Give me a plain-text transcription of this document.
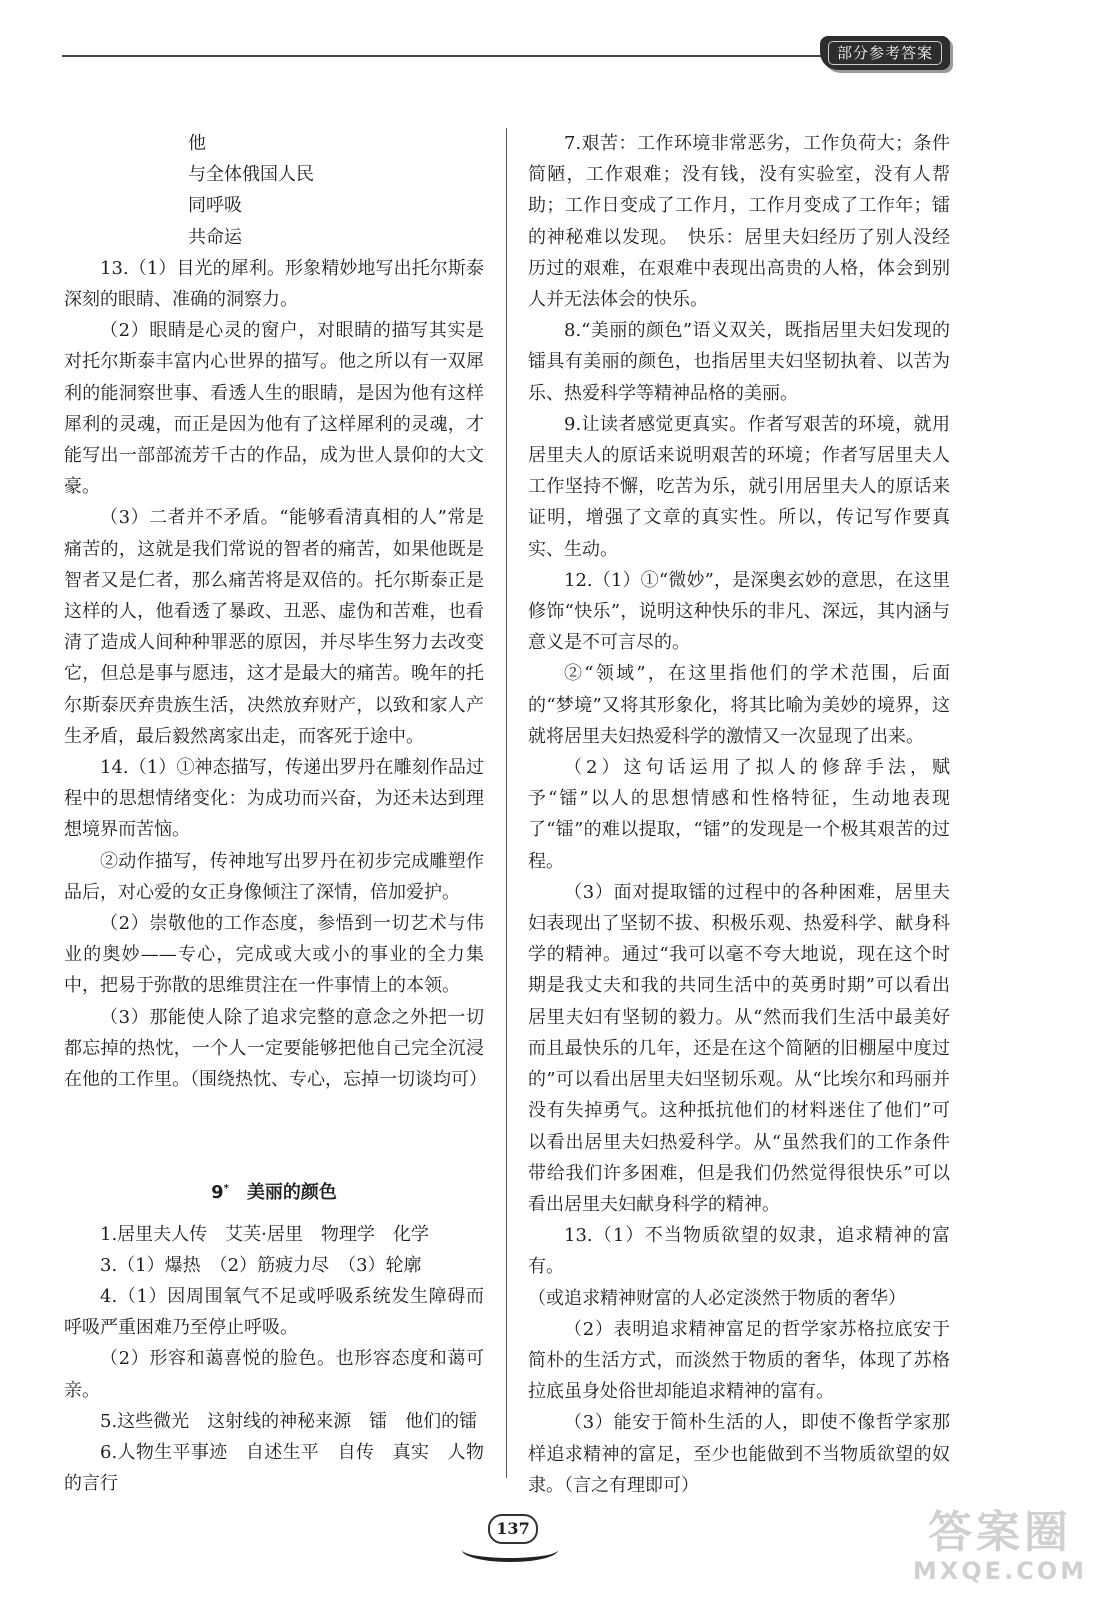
部分参考答案

他

与全体俄国人民

同呼吸

共命运

13.（1）目光的犀利。形象精妙地写出托尔斯泰深刻的眼睛、准确的洞察力。

（2）眼睛是心灵的窗户，对眼睛的描写其实是对托尔斯泰丰富内心世界的描写。他之所以有一双犀利的能洞察世事、看透人生的眼睛，是因为他有这样犀利的灵魂，而正是因为他有了这样犀利的灵魂，才能写出一部部流芳千古的作品，成为世人景仰的大文豪。

（3）二者并不矛盾。“能够看清真相的人”常是痛苦的，这就是我们常说的智者的痛苦，如果他既是智者又是仁者，那么痛苦将是双倍的。托尔斯泰正是这样的人，他看透了暴政、丑恶、虚伪和苦难，也看清了造成人间种种罪恶的原因，并尽毕生努力去改变它，但总是事与愿违，这才是最大的痛苦。晚年的托尔斯泰厌弃贵族生活，决然放弃财产，以致和家人产生矛盾，最后毅然离家出走，而客死于途中。

14.（1）①神态描写，传递出罗丹在雕刻作品过程中的思想情绪变化：为成功而兴奋，为还未达到理想境界而苦恼。

②动作描写，传神地写出罗丹在初步完成雕塑作品后，对心爱的女正身像倾注了深情，倍加爱护。

（2）崇敬他的工作态度，参悟到一切艺术与伟业的奥妙——专心，完成或大或小的事业的全力集中，把易于弥散的思维贯注在一件事情上的本领。

（3）那能使人除了追求完整的意念之外把一切都忘掉的热忱，一个人一定要能够把他自己完全沉浸在他的工作里。（围绕热忱、专心，忘掉一切谈均可）

9*　 美丽的颜色

1.居里夫人传　艾芙·居里　物理学　化学

3.（1）爆热　（2）筋疲力尽　（3）轮廓

4.（1）因周围氧气不足或呼吸系统发生障碍而呼吸严重困难乃至停止呼吸。

（2）形容和蔼喜悦的脸色。也形容态度和蔼可亲。

5.这些微光　这射线的神秘来源　镭　他们的镭

6.人物生平事迹　自述生平　自传　真实　人物的言行

7.艰苦：工作环境非常恶劣，工作负荷大；条件简陋，工作艰难；没有钱，没有实验室，没有人帮助；工作日变成了工作月，工作月变成了工作年；镭的神秘难以发现。　快乐：居里夫妇经历了别人没经历过的艰难，在艰难中表现出高贵的人格，体会到别人并无法体会的快乐。

8.“美丽的颜色”语义双关，既指居里夫妇发现的镭具有美丽的颜色，也指居里夫妇坚韧执着、以苦为乐、热爱科学等精神品格的美丽。

9.让读者感觉更真实。作者写艰苦的环境，就用居里夫人的原话来说明艰苦的环境；作者写居里夫人工作坚持不懈，吃苦为乐，就引用居里夫人的原话来证明，增强了文章的真实性。所以，传记写作要真实、生动。

12.（1）①“微妙”，是深奥玄妙的意思，在这里修饰“快乐”，说明这种快乐的非凡、深远，其内涵与意义是不可言尽的。

②“领域”，在这里指他们的学术范围，后面的“梦境”又将其形象化，将其比喻为美妙的境界，这就将居里夫妇热爱科学的激情又一次显现了出来。

（2）这句话运用了拟人的修辞手法，赋予“镭”以人的思想情感和性格特征，生动地表现了“镭”的难以提取，“镭”的发现是一个极其艰苦的过程。

（3）面对提取镭的过程中的各种困难，居里夫妇表现出了坚韧不拔、积极乐观、热爱科学、献身科学的精神。通过“我可以毫不夸大地说，现在这个时期是我丈夫和我的共同生活中的英勇时期”可以看出居里夫妇有坚韧的毅力。从“然而我们生活中最美好而且最快乐的几年，还是在这个简陋的旧棚屋中度过的”可以看出居里夫妇坚韧乐观。从“比埃尔和玛丽并没有失掉勇气。这种抵抗他们的材料迷住了他们”可以看出居里夫妇热爱科学。从“虽然我们的工作条件带给我们许多困难，但是我们仍然觉得很快乐”可以看出居里夫妇献身科学的精神。

13.（1）不当物质欲望的奴隶，追求精神的富有。

（或追求精神财富的人必定淡然于物质的奢华）

（2）表明追求精神富足的哲学家苏格拉底安于简朴的生活方式，而淡然于物质的奢华，体现了苏格拉底虽身处俗世却能追求精神的富有。

（3）能安于简朴生活的人，即使不像哲学家那样追求精神的富足，至少也能做到不当物质欲望的奴隶。（言之有理即可）

137	答案圈
MXQE.COM
